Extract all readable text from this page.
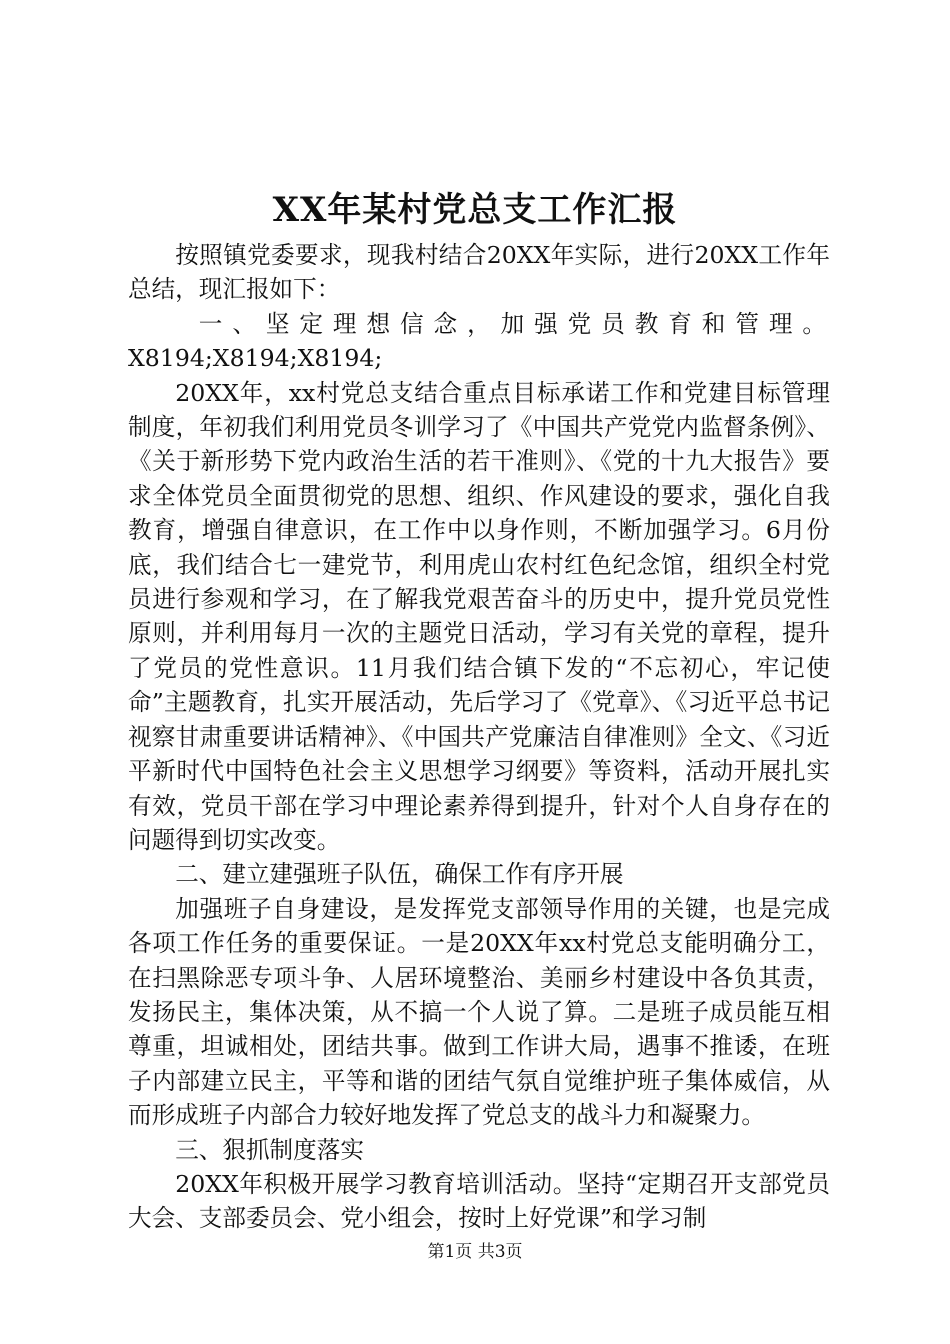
XX年某村党总支工作汇报

按照镇党委要求，现我村结合20XX年实际，进行20XX工作年总结，现汇报如下：

一、坚定理想信念，加强党员教育和管理。

X8194;X8194;X8194;

20XX年，xx村党总支结合重点目标承诺工作和党建目标管理制度，年初我们利用党员冬训学习了《中国共产党党内监督条例》、《关于新形势下党内政治生活的若干准则》、《党的十九大报告》要求全体党员全面贯彻党的思想、组织、作风建设的要求，强化自我教育，增强自律意识，在工作中以身作则，不断加强学习。6月份底，我们结合七一建党节，利用虎山农村红色纪念馆，组织全村党员进行参观和学习，在了解我党艰苦奋斗的历史中，提升党员党性原则，并利用每月一次的主题党日活动，学习有关党的章程，提升了党员的党性意识。11月我们结合镇下发的“不忘初心，牢记使命”主题教育，扎实开展活动，先后学习了《党章》、《习近平总书记视察甘肃重要讲话精神》、《中国共产党廉洁自律准则》全文、《习近平新时代中国特色社会主义思想学习纲要》等资料，活动开展扎实有效，党员干部在学习中理论素养得到提升，针对个人自身存在的问题得到切实改变。

二、建立建强班子队伍，确保工作有序开展

加强班子自身建设，是发挥党支部领导作用的关键，也是完成各项工作任务的重要保证。一是20XX年xx村党总支能明确分工，在扫黑除恶专项斗争、人居环境整治、美丽乡村建设中各负其责，发扬民主，集体决策，从不搞一个人说了算。二是班子成员能互相尊重，坦诚相处，团结共事。做到工作讲大局，遇事不推诿，在班子内部建立民主，平等和谐的团结气氛自觉维护班子集体威信，从而形成班子内部合力较好地发挥了党总支的战斗力和凝聚力。

三、狠抓制度落实

20XX年积极开展学习教育培训活动。坚持“定期召开支部党员大会、支部委员会、党小组会，按时上好党课”和学习制

第1页 共3页
